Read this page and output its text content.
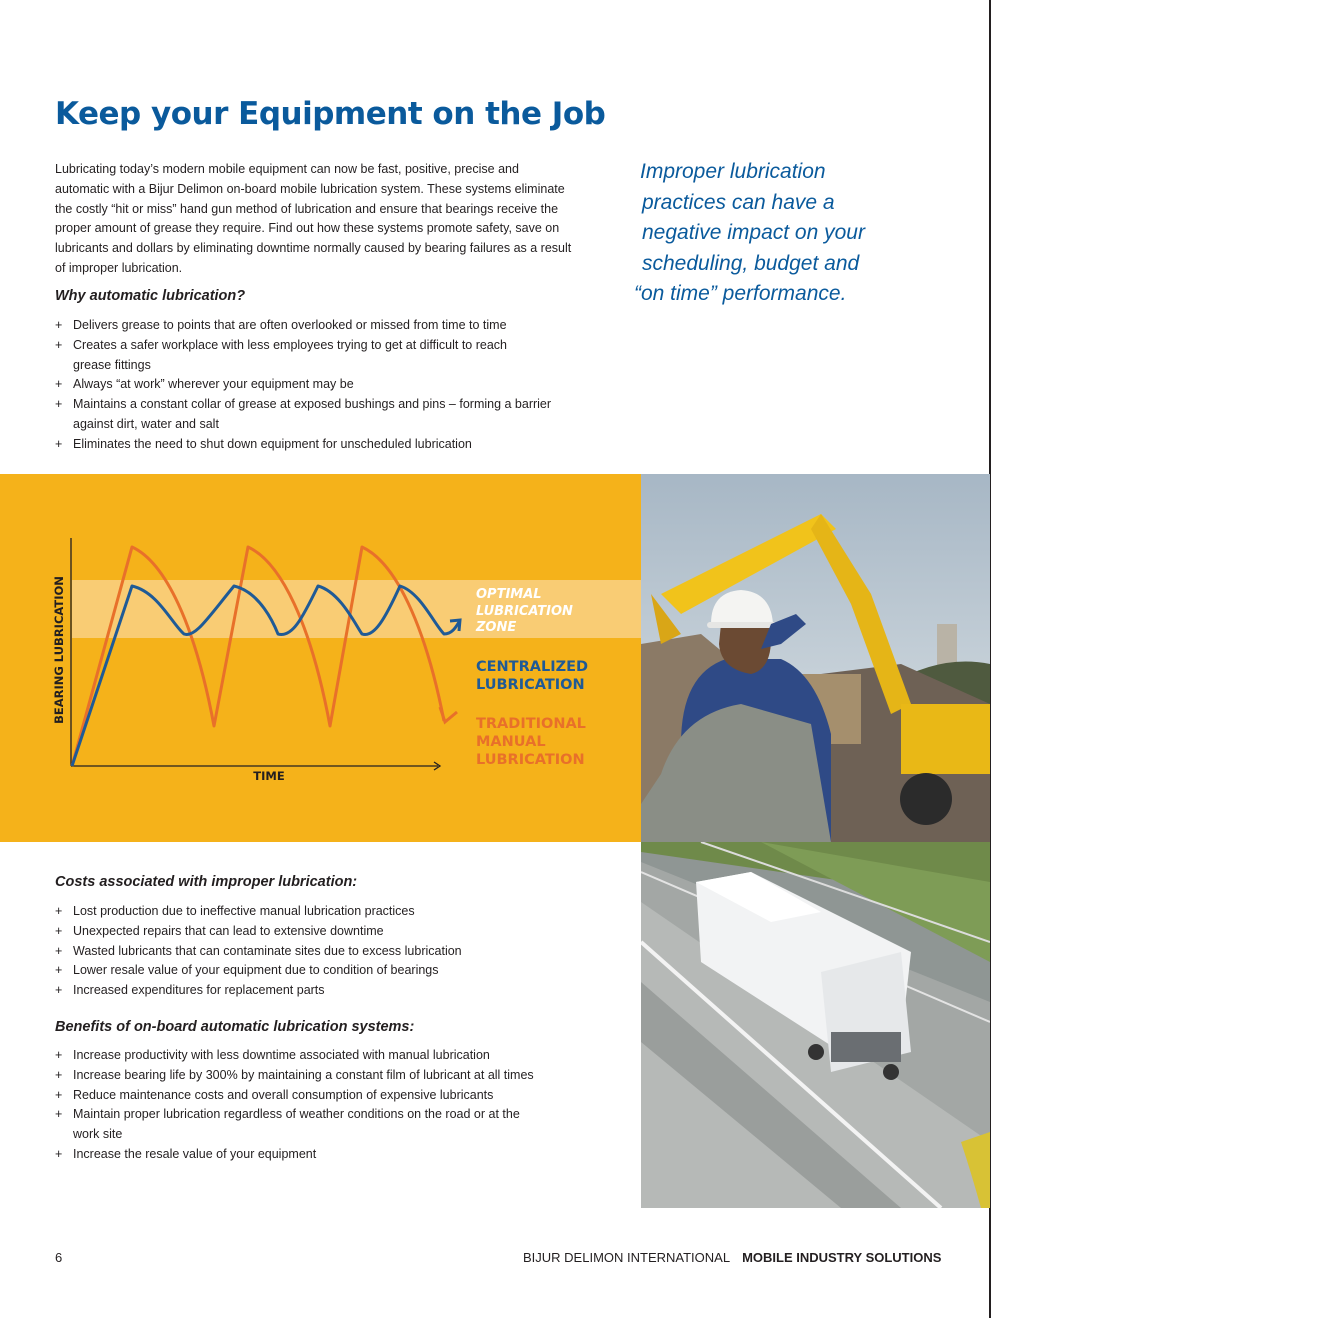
Keep your Equipment on the Job

Lubricating today’s modern mobile equipment can now be fast, positive, precise and automatic with a Bijur Delimon on-board mobile lubrication system. These systems eliminate the costly “hit or miss” hand gun method of lubrication and ensure that bearings receive the proper amount of grease they require. Find out how these systems promote safety, save on lubricants and dollars by eliminating downtime normally caused by bearing failures as a result of improper lubrication.

Why automatic lubrication?
+ Delivers grease to points that are often overlooked or missed from time to time
+ Creates a safer workplace with less employees trying to get at difficult to reach grease fittings
+ Always “at work” wherever your equipment may be
+ Maintains a constant collar of grease at exposed bushings and pins – forming a barrier against dirt, water and salt
+ Eliminates the need to shut down equipment for unscheduled lubrication
Improper lubrication
practices can have a
negative impact on your
scheduling, budget and
“on time” performance.
BEARING LUBRICATION
TIME
OPTIMAL
LUBRICATION
ZONE
CENTRALIZED
LUBRICATION
TRADITIONAL
MANUAL
LUBRICATION
Costs associated with improper lubrication:
+ Lost production due to ineffective manual lubrication practices
+ Unexpected repairs that can lead to extensive downtime
+ Wasted lubricants that can contaminate sites due to excess lubrication
+ Lower resale value of your equipment due to condition of bearings
+ Increased expenditures for replacement parts
Benefits of on-board automatic lubrication systems:
+ Increase productivity with less downtime associated with manual lubrication
+ Increase bearing life by 300% by maintaining a constant film of lubricant at all times
+ Reduce maintenance costs and overall consumption of expensive lubricants
+ Maintain proper lubrication regardless of weather conditions on the road or at the work site
+ Increase the resale value of your equipment
6	BIJUR DELIMON INTERNATIONAL MOBILE INDUSTRY SOLUTIONS
